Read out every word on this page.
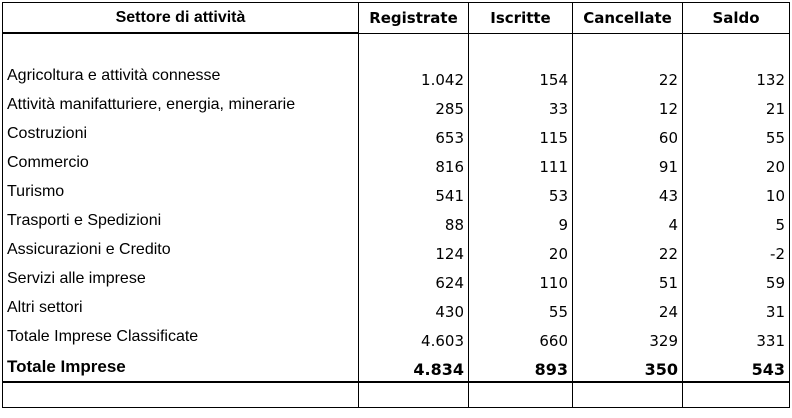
Settore di attività	Registrate	Iscritte	Cancellate	Saldo

Agricoltura e attività connesse	1.042	154	22	132
Attività manifatturiere, energia, minerarie	285	33	12	21
Costruzioni	653	115	60	55
Commercio	816	111	91	20
Turismo	541	53	43	10
Trasporti e Spedizioni	88	9	4	5
Assicurazioni e Credito	124	20	22	-2
Servizi alle imprese	624	110	51	59
Altri settori	430	55	24	31
Totale Imprese Classificate	4.603	660	329	331
Totale Imprese	4.834	893	350	543
